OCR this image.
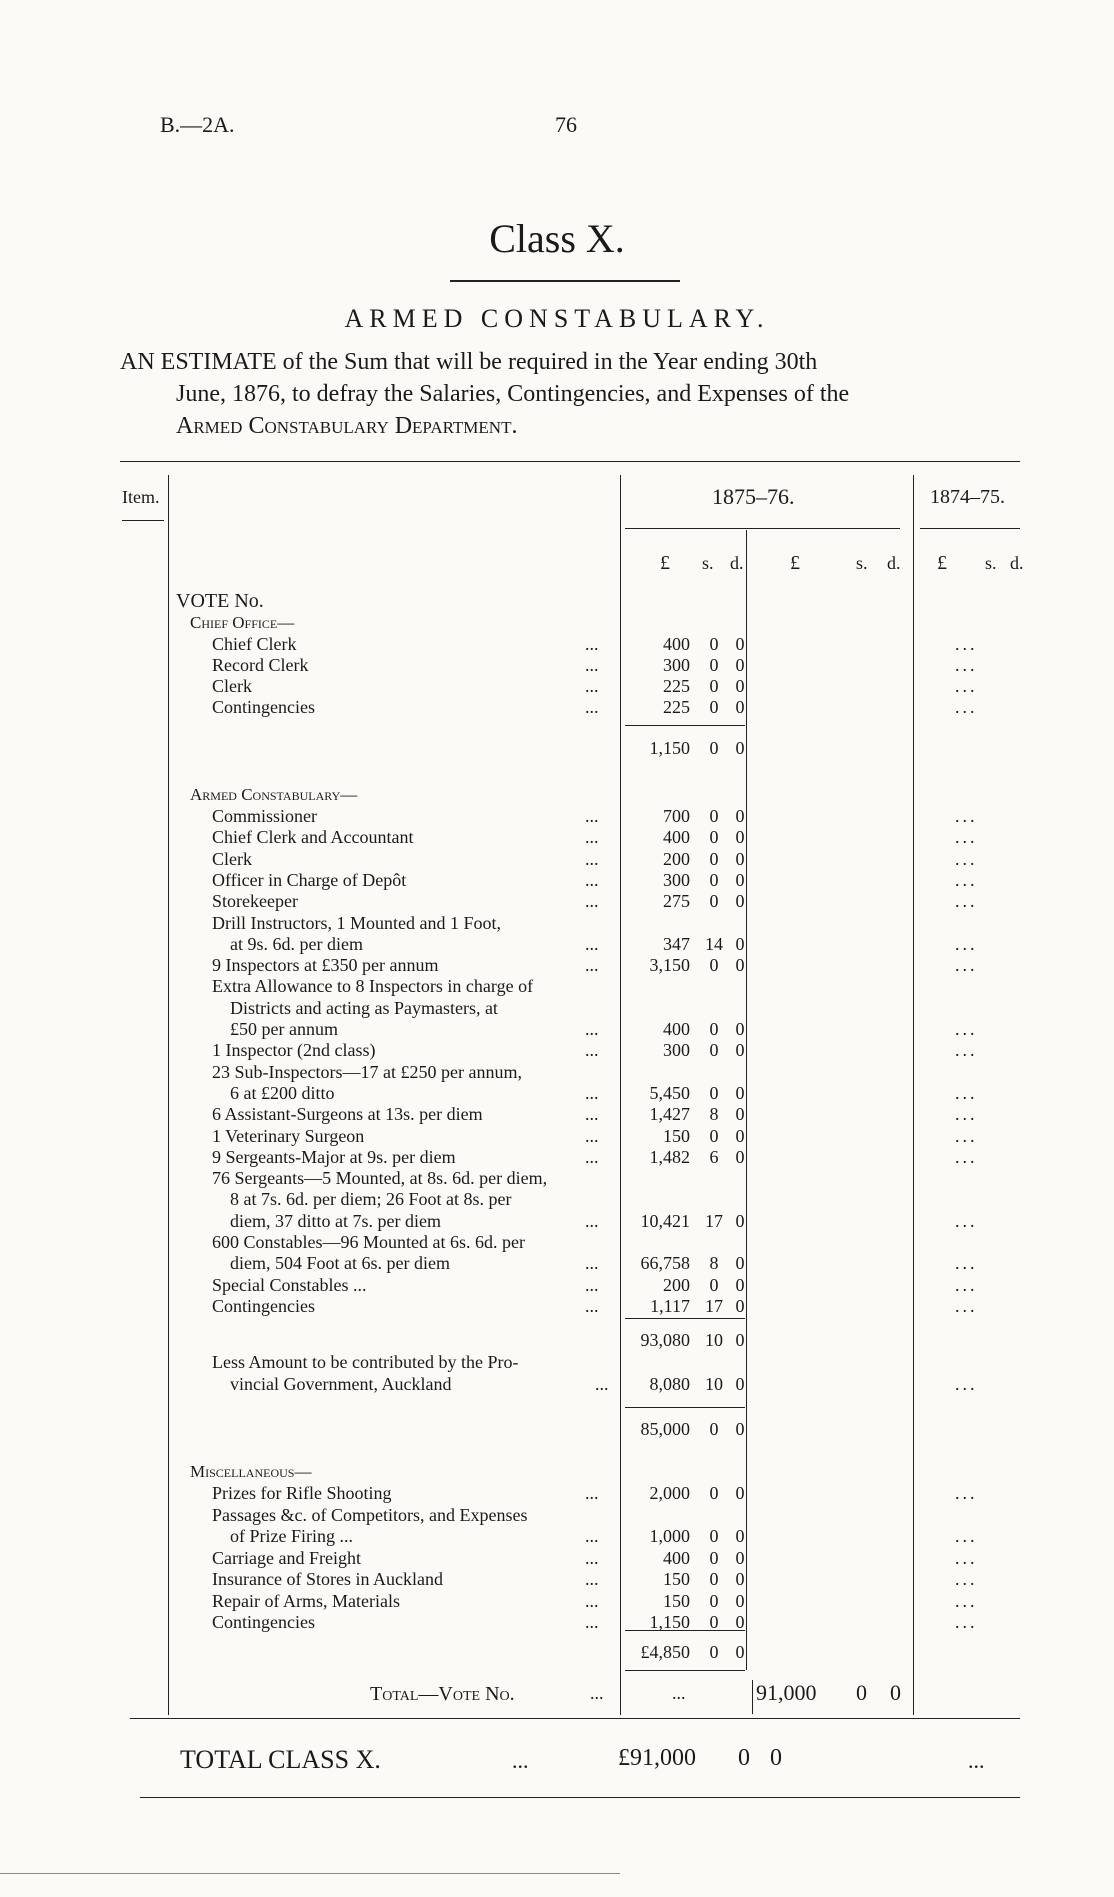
B.—2A.	76
Class X.
ARMED CONSTABULARY.
AN ESTIMATE of the Sum that will be required in the Year ending 30th
June, 1876, to defray the Salaries, Contingencies, and Expenses of the
Armed Constabulary Department.
Item.	1875–76.	1874–75.
£ s. d. £	s. d. £ s. d.
VOTE No.
Chief Office—
Chief Clerk	...	400	0 0	...
Record Clerk	...	300	0 0	...
Clerk	...	225	0 0	...
Contingencies	...	225	0 0	...
1,150	0 0
Armed Constabulary—
Commissioner	...	700	0 0	...
Chief Clerk and Accountant	...	400	0 0	...
Clerk	...	200	0 0	...
Officer in Charge of Depôt	...	300	0 0	...
Storekeeper	...	275	0 0	...
Drill Instructors, 1 Mounted and 1 Foot,
at 9s. 6d. per diem	...	347 14 0	...
9 Inspectors at £350 per annum	...	3,150	0 0	...
Extra Allowance to 8 Inspectors in charge of
Districts and acting as Paymasters, at
£50 per annum	...	400	0 0	...
1 Inspector (2nd class)	...	300	0 0	...
23 Sub-Inspectors—17 at £250 per annum,
6 at £200 ditto	...	5,450	0 0	...
6 Assistant-Surgeons at 13s. per diem	...	1,427	8 0	...
1 Veterinary Surgeon	...	150	0 0	...
9 Sergeants-Major at 9s. per diem	...	1,482	6 0	...
76 Sergeants—5 Mounted, at 8s. 6d. per diem,
8 at 7s. 6d. per diem; 26 Foot at 8s. per
diem, 37 ditto at 7s. per diem	... 10,421 17 0	...
600 Constables—96 Mounted at 6s. 6d. per
diem, 504 Foot at 6s. per diem	... 66,758	8 0	...
Special Constables ...	...	200	0 0	...
Contingencies	...	1,117 17 0	...
93,080 10 0
Less Amount to be contributed by the Pro-
vincial Government, Auckland	... 8,080 10 0	...
85,000	0 0
Miscellaneous—
Prizes for Rifle Shooting	...	2,000	0 0	...
Passages &c. of Competitors, and Expenses
of Prize Firing ...	...	1,000	0 0	...
Carriage and Freight	...	400	0 0	...
Insurance of Stores in Auckland	...	150	0 0	...
Repair of Arms, Materials	...	150	0 0	...
Contingencies	...	1,150	0 0	...
£4,850	0 0
Total—Vote No.	...	...	91,000 0 0
TOTAL CLASS X.	...	£91,000 0 0	...
